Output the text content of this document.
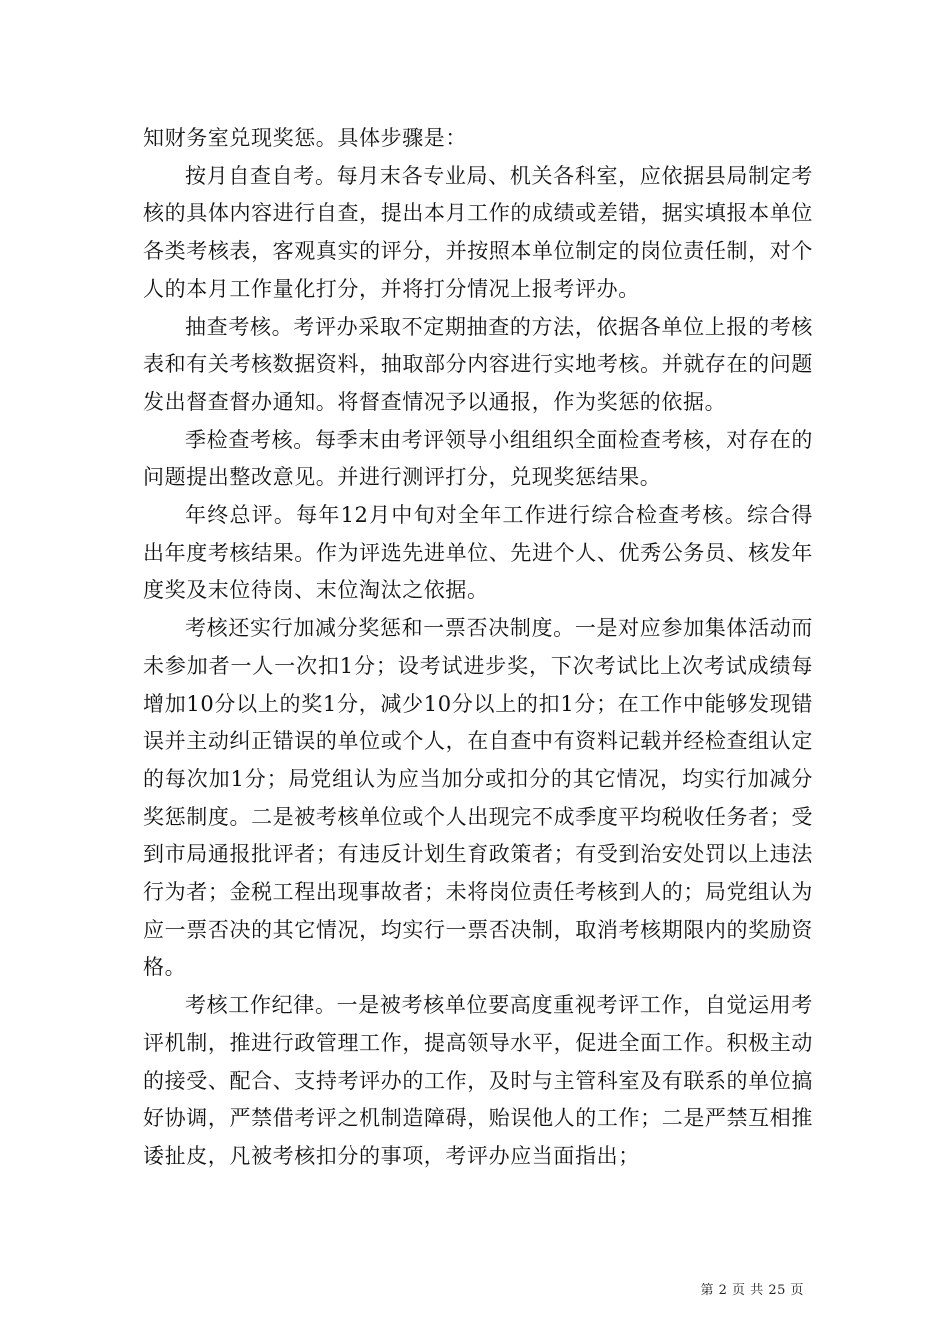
知财务室兑现奖惩。具体步骤是：

按月自查自考。每月末各专业局、机关各科室，应依据县局制定考核的具体内容进行自查，提出本月工作的成绩或差错，据实填报本单位各类考核表，客观真实的评分，并按照本单位制定的岗位责任制，对个人的本月工作量化打分，并将打分情况上报考评办。

抽查考核。考评办采取不定期抽查的方法，依据各单位上报的考核表和有关考核数据资料，抽取部分内容进行实地考核。并就存在的问题发出督查督办通知。将督查情况予以通报，作为奖惩的依据。

季检查考核。每季末由考评领导小组组织全面检查考核，对存在的问题提出整改意见。并进行测评打分，兑现奖惩结果。

年终总评。每年12月中旬对全年工作进行综合检查考核。综合得出年度考核结果。作为评选先进单位、先进个人、优秀公务员、核发年度奖及末位待岗、末位淘汰之依据。

考核还实行加减分奖惩和一票否决制度。一是对应参加集体活动而未参加者一人一次扣1分；设考试进步奖，下次考试比上次考试成绩每增加10分以上的奖1分，减少10分以上的扣1分；在工作中能够发现错误并主动纠正错误的单位或个人，在自查中有资料记载并经检查组认定的每次加1分；局党组认为应当加分或扣分的其它情况，均实行加减分奖惩制度。二是被考核单位或个人出现完不成季度平均税收任务者；受到市局通报批评者；有违反计划生育政策者；有受到治安处罚以上违法行为者；金税工程出现事故者；未将岗位责任考核到人的；局党组认为应一票否决的其它情况，均实行一票否决制，取消考核期限内的奖励资格。

考核工作纪律。一是被考核单位要高度重视考评工作，自觉运用考评机制，推进行政管理工作，提高领导水平，促进全面工作。积极主动的接受、配合、支持考评办的工作，及时与主管科室及有联系的单位搞好协调，严禁借考评之机制造障碍，贻误他人的工作；二是严禁互相推诿扯皮，凡被考核扣分的事项，考评办应当面指出；

第 2 页 共 25 页
